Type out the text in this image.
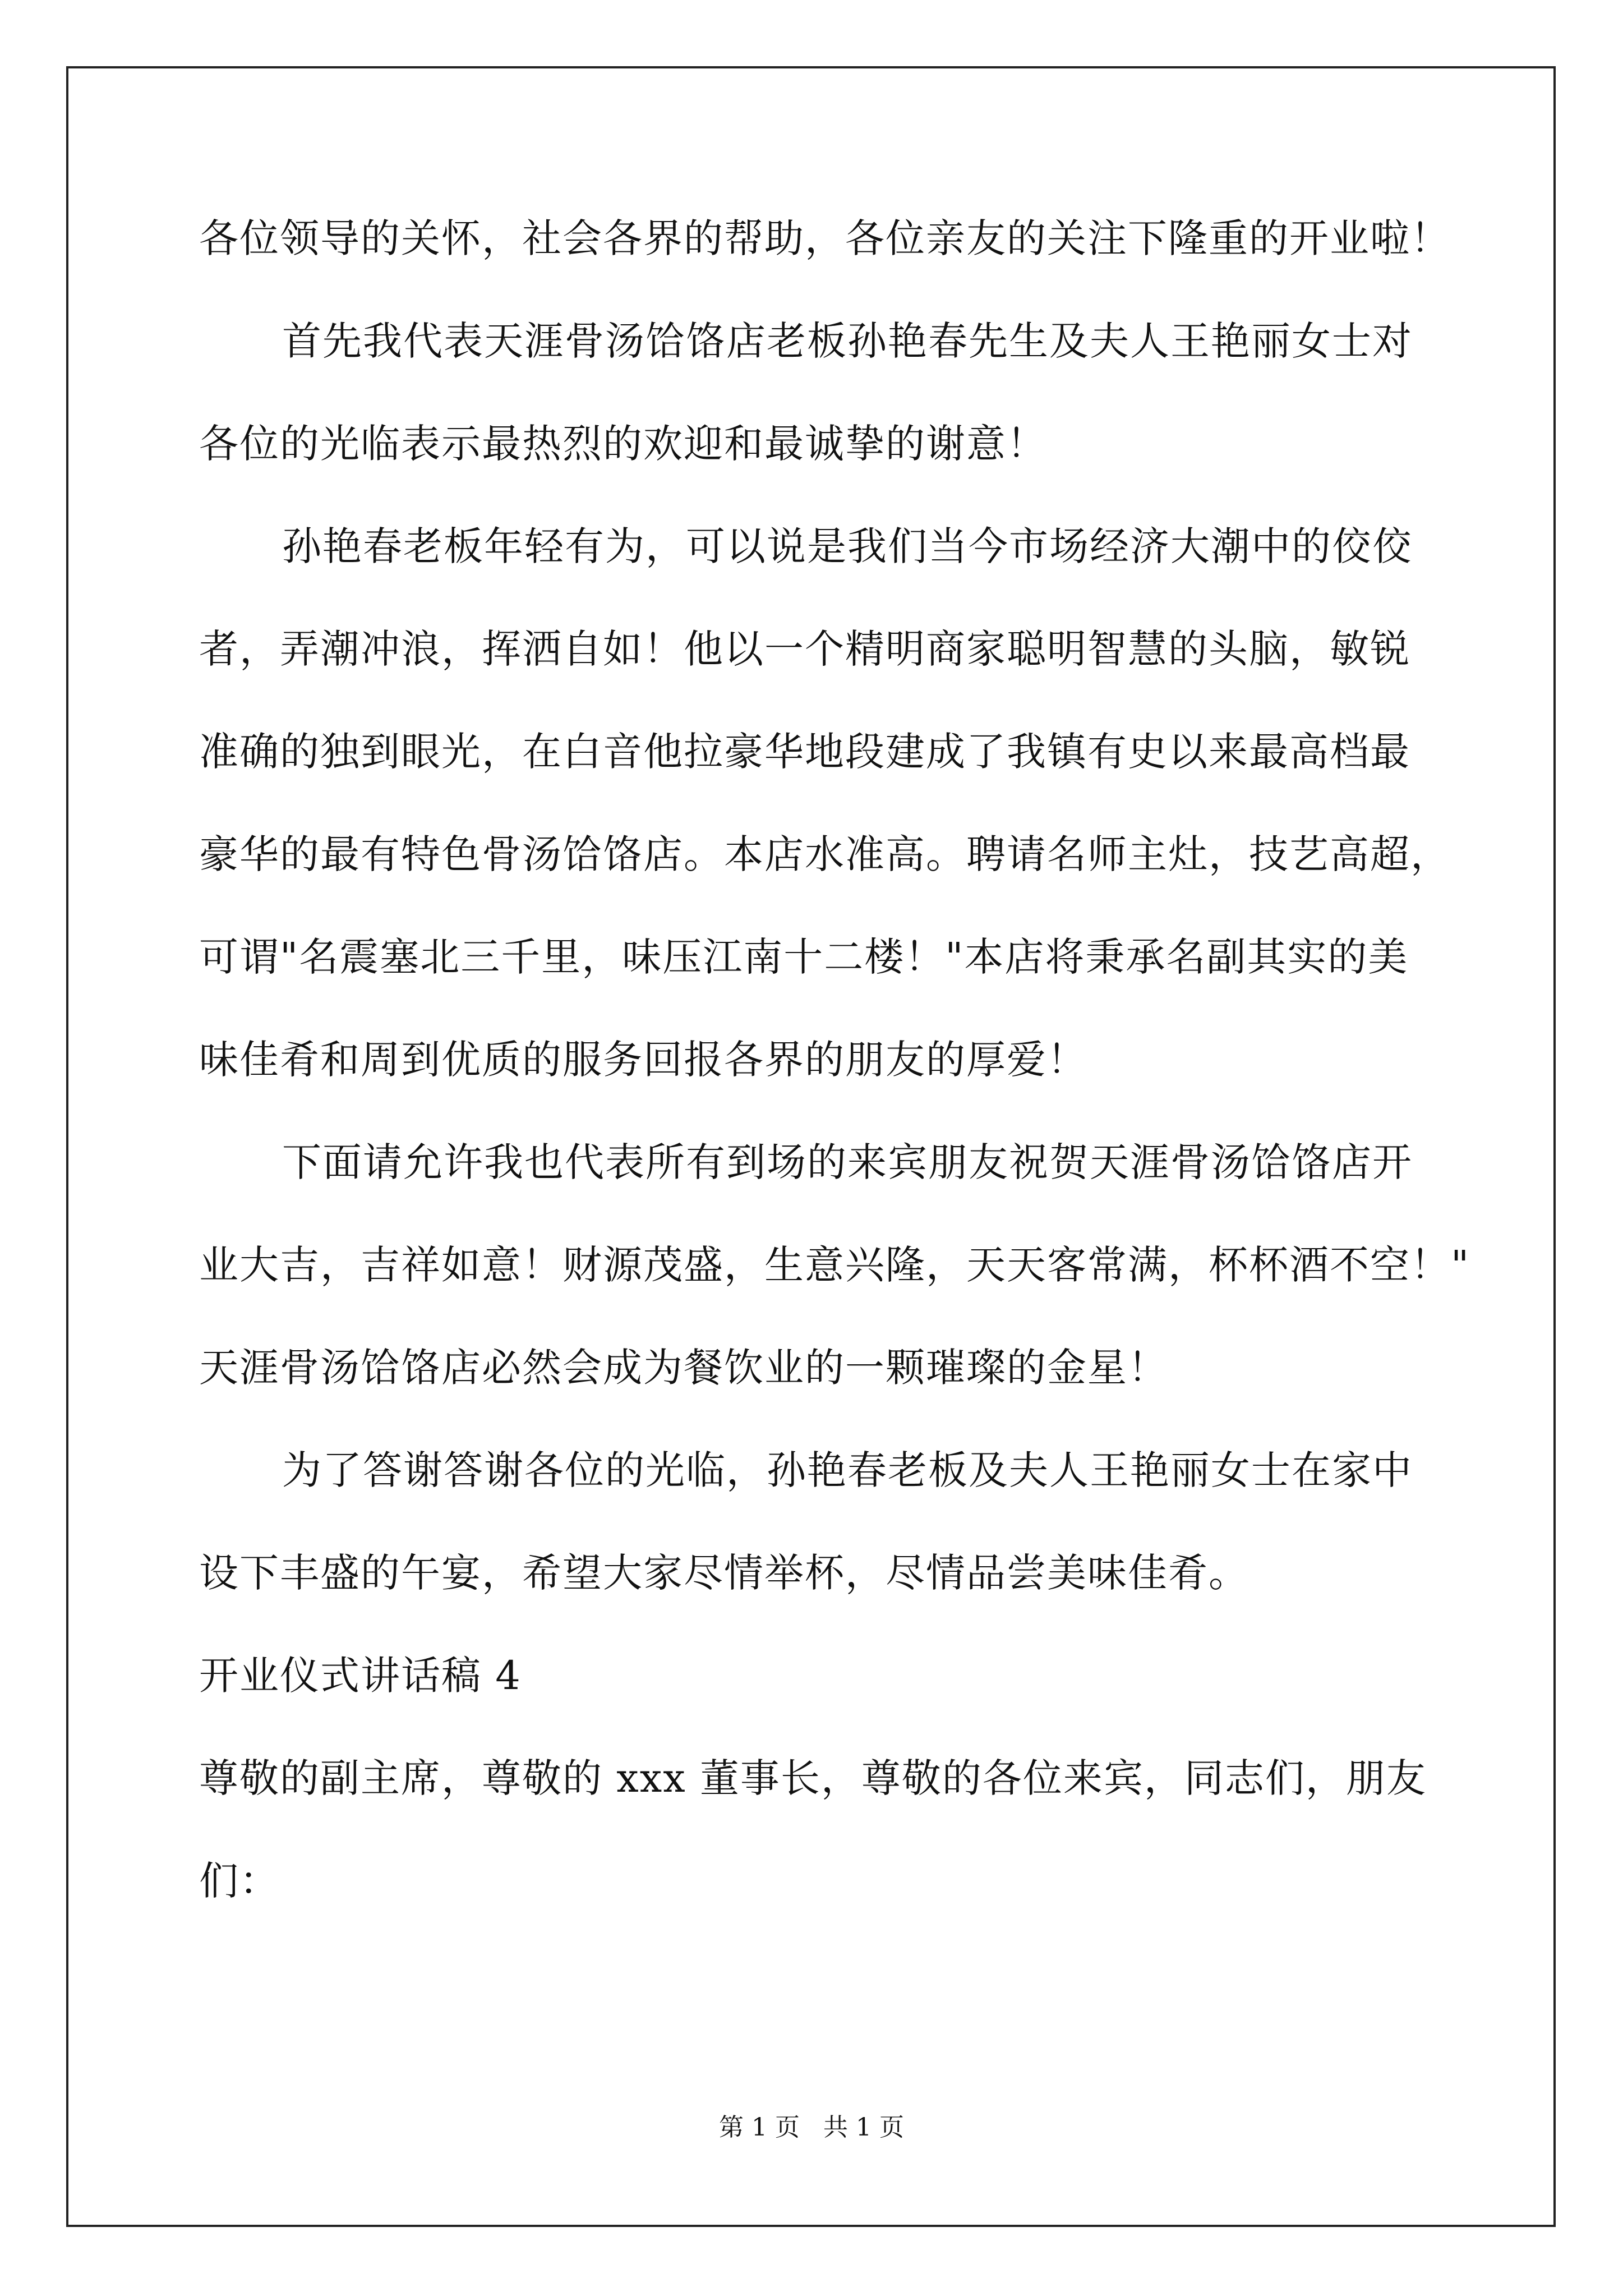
各位领导的关怀，社会各界的帮助，各位亲友的关注下隆重的开业啦！
首先我代表天涯骨汤饸饹店老板孙艳春先生及夫人王艳丽女士对
各位的光临表示最热烈的欢迎和最诚挚的谢意！
孙艳春老板年轻有为，可以说是我们当今市场经济大潮中的佼佼
者，弄潮冲浪，挥洒自如！他以一个精明商家聪明智慧的头脑，敏锐
准确的独到眼光，在白音他拉豪华地段建成了我镇有史以来最高档最
豪华的最有特色骨汤饸饹店。本店水准高。聘请名师主灶，技艺高超，
可谓"名震塞北三千里，味压江南十二楼！"本店将秉承名副其实的美
味佳肴和周到优质的服务回报各界的朋友的厚爱！
下面请允许我也代表所有到场的来宾朋友祝贺天涯骨汤饸饹店开
业大吉，吉祥如意！财源茂盛，生意兴隆，天天客常满，杯杯酒不空！"
天涯骨汤饸饹店必然会成为餐饮业的一颗璀璨的金星！
为了答谢答谢各位的光临，孙艳春老板及夫人王艳丽女士在家中
设下丰盛的午宴，希望大家尽情举杯，尽情品尝美味佳肴。
开业仪式讲话稿 4
尊敬的副主席，尊敬的 xxx 董事长，尊敬的各位来宾，同志们，朋友
们：
第 1 页   共 1 页
